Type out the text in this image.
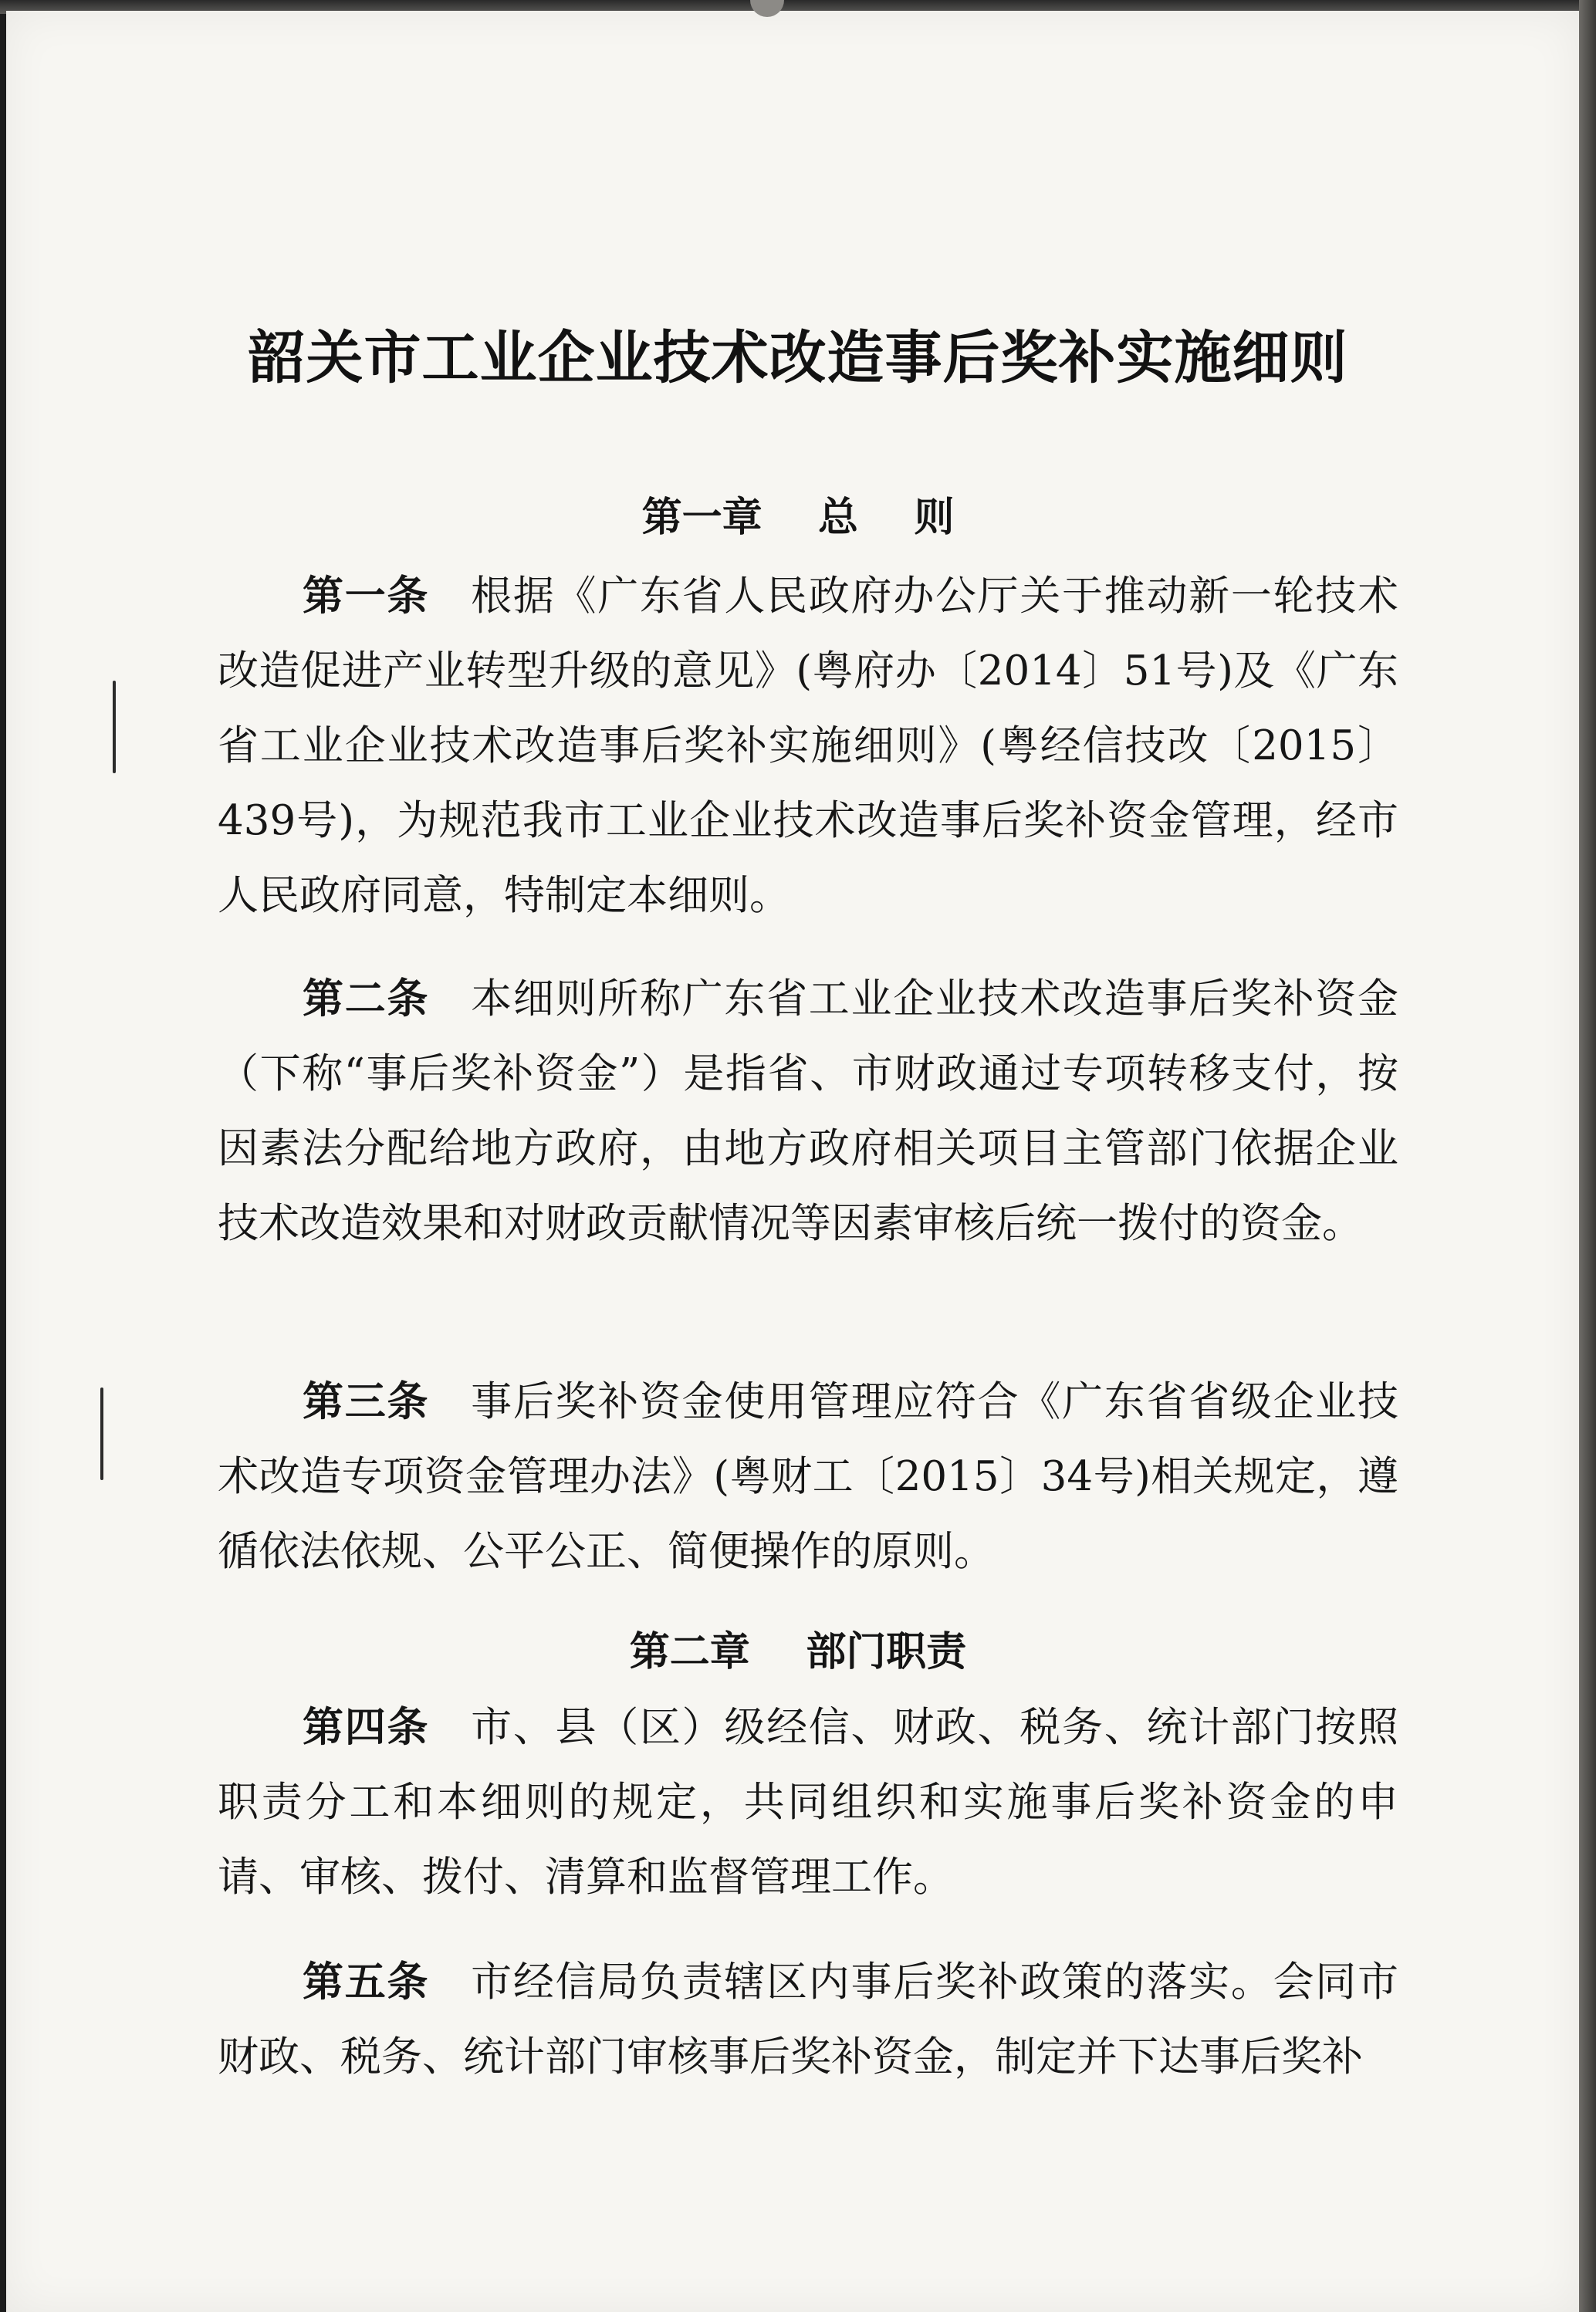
韶关市工业企业技术改造事后奖补实施细则
第一章    总    则

第一条 根据《广东省人民政府办公厅关于推动新一轮技术改造促进产业转型升级的意见》(粤府办〔2014〕51号)及《广东省工业企业技术改造事后奖补实施细则》(粤经信技改〔2015〕439号)，为规范我市工业企业技术改造事后奖补资金管理，经市人民政府同意，特制定本细则。

第二条 本细则所称广东省工业企业技术改造事后奖补资金（下称“事后奖补资金”）是指省、市财政通过专项转移支付，按因素法分配给地方政府，由地方政府相关项目主管部门依据企业技术改造效果和对财政贡献情况等因素审核后统一拨付的资金。

第三条 事后奖补资金使用管理应符合《广东省省级企业技术改造专项资金管理办法》(粤财工〔2015〕34号)相关规定，遵循依法依规、公平公正、简便操作的原则。

第二章    部门职责

第四条 市、县（区）级经信、财政、税务、统计部门按照职责分工和本细则的规定，共同组织和实施事后奖补资金的申请、审核、拨付、清算和监督管理工作。

第五条 市经信局负责辖区内事后奖补政策的落实。会同市财政、税务、统计部门审核事后奖补资金，制定并下达事后奖补
